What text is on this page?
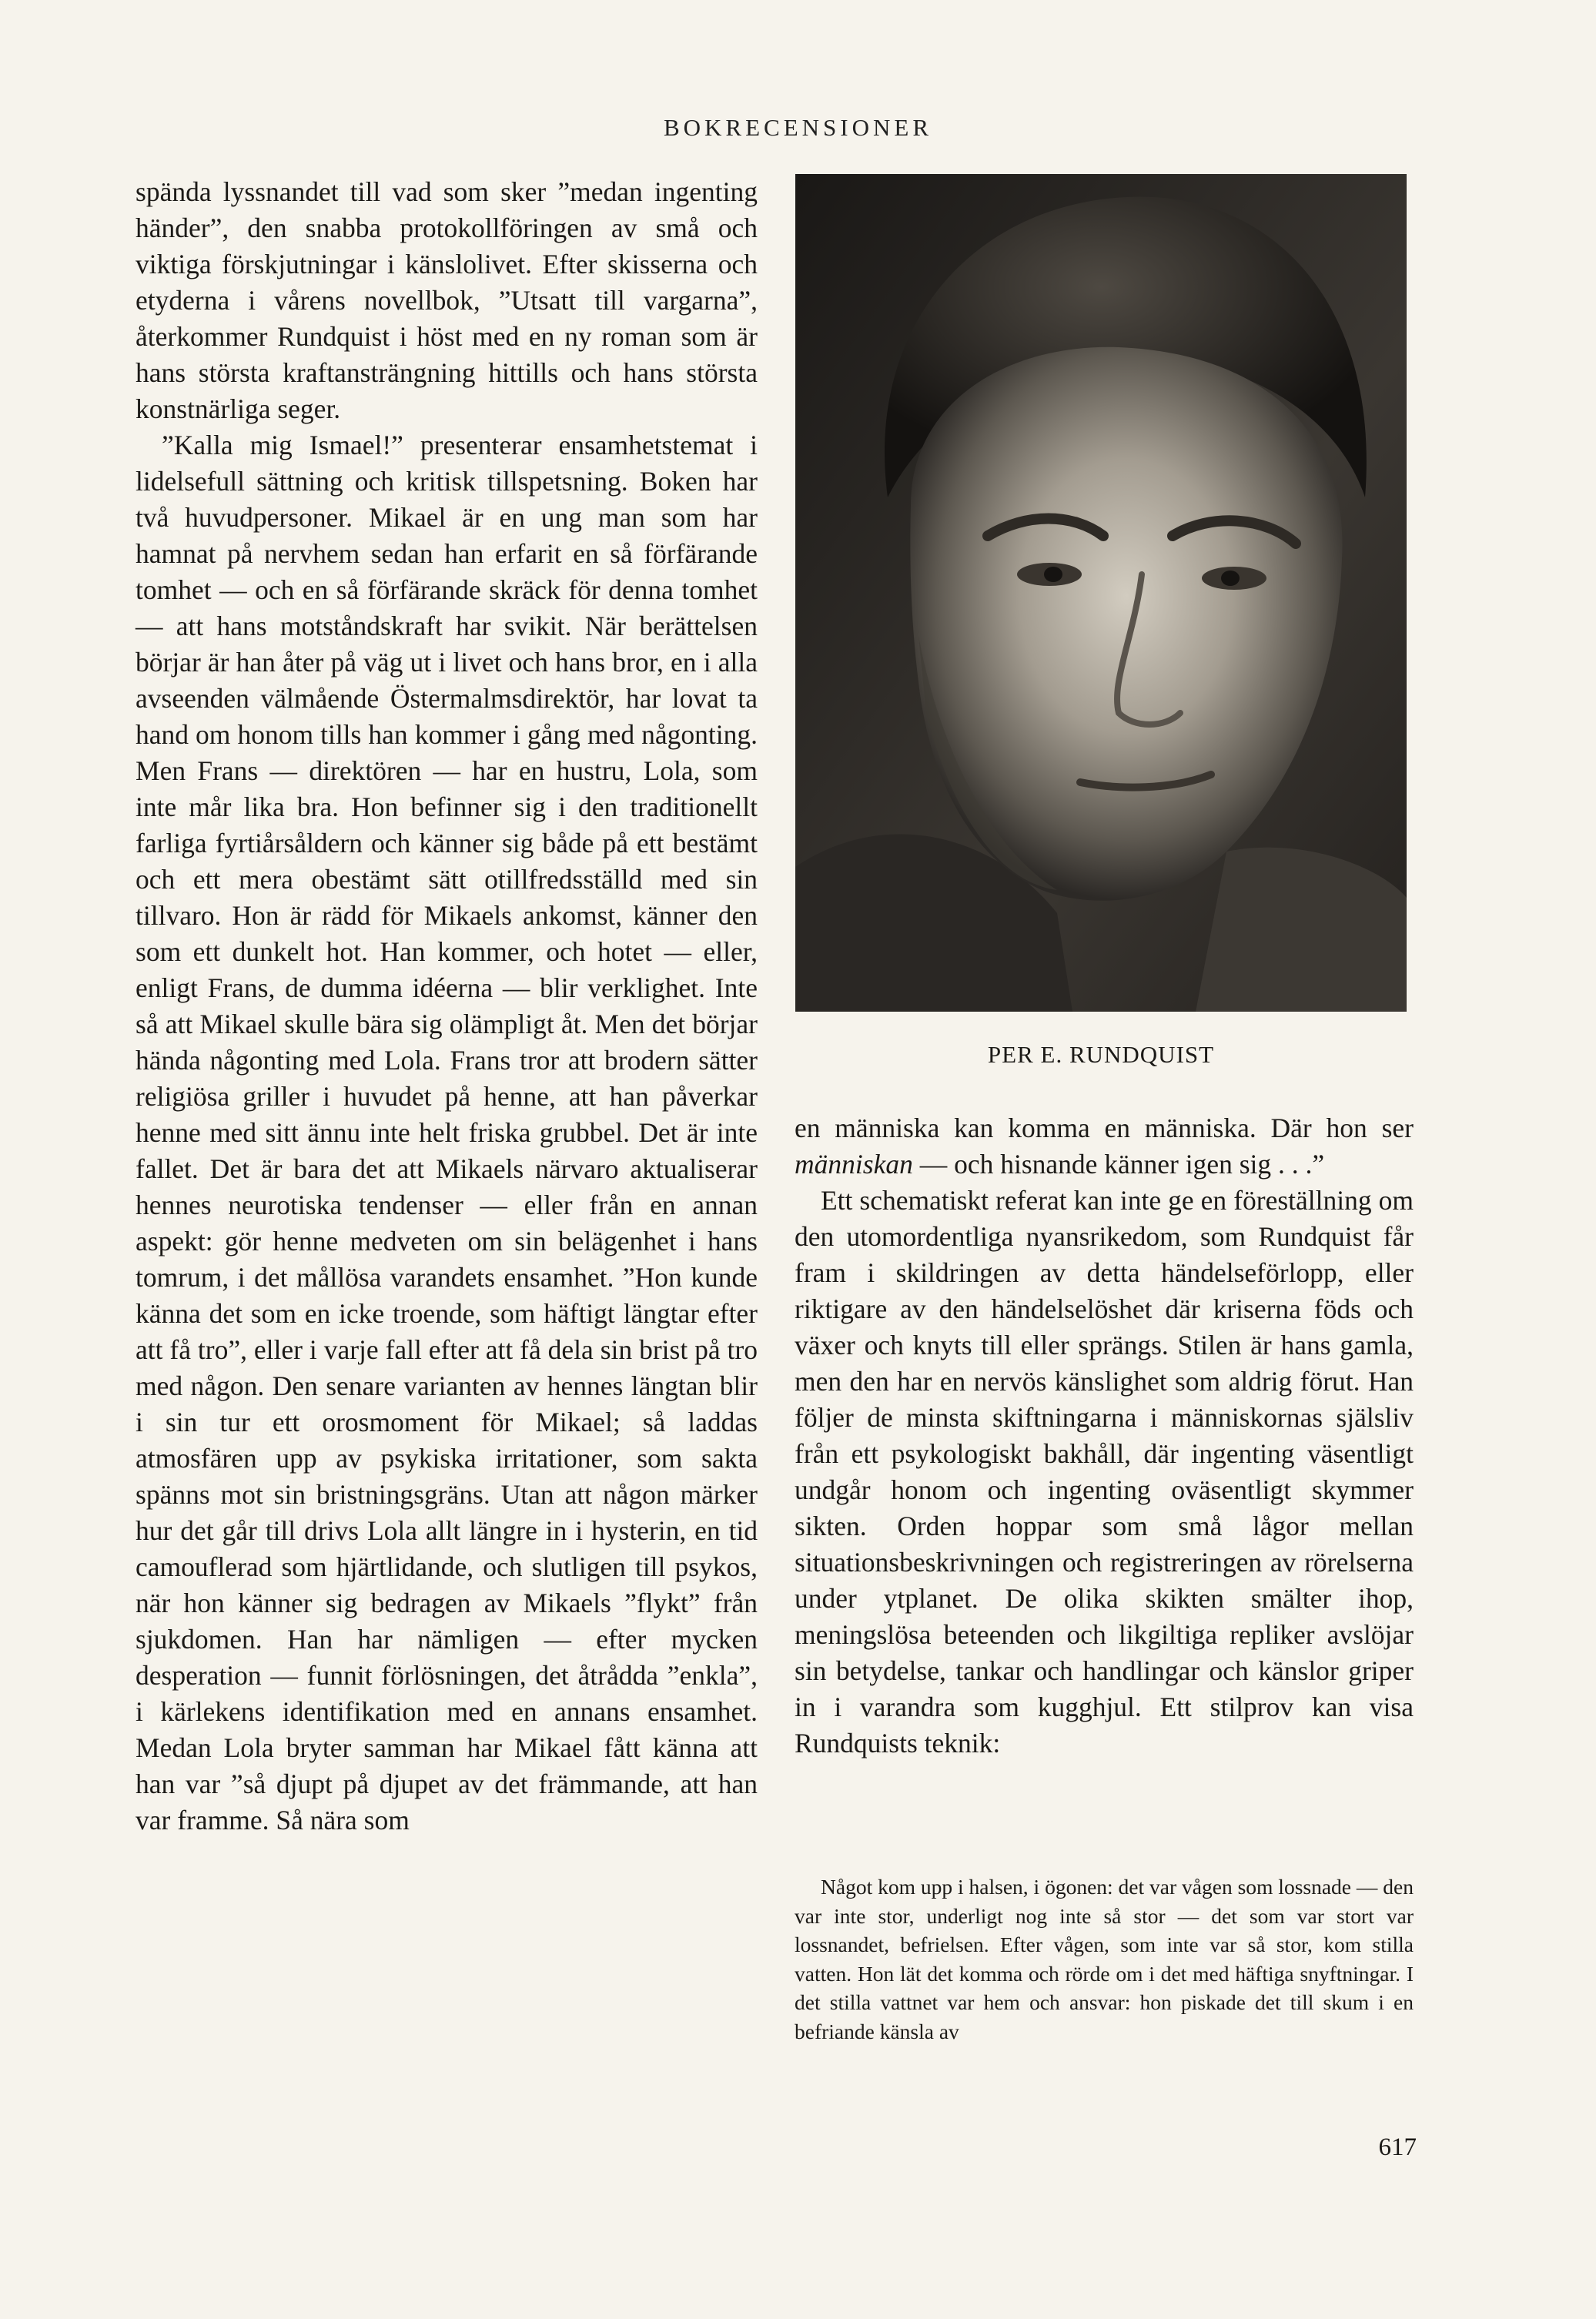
BOKRECENSIONER

spända lyssnandet till vad som sker ”medan ingenting händer”, den snabba protokollföringen av små och viktiga förskjutningar i känslolivet. Efter skisserna och etyderna i vårens novellbok, ”Utsatt till vargarna”, återkommer Rundquist i höst med en ny roman som är hans största kraftansträngning hittills och hans största konstnärliga seger.

”Kalla mig Ismael!” presenterar ensamhetstemat i lidelsefull sättning och kritisk tillspetsning. Boken har två huvudpersoner. Mikael är en ung man som har hamnat på nervhem sedan han erfarit en så förfärande tomhet — och en så förfärande skräck för denna tomhet — att hans motståndskraft har svikit. När berättelsen börjar är han åter på väg ut i livet och hans bror, en i alla avseenden välmående Östermalmsdirektör, har lovat ta hand om honom tills han kommer i gång med någonting. Men Frans — direktören — har en hustru, Lola, som inte mår lika bra. Hon befinner sig i den traditionellt farliga fyrtiårsåldern och känner sig både på ett bestämt och ett mera obestämt sätt otillfredsställd med sin tillvaro. Hon är rädd för Mikaels ankomst, känner den som ett dunkelt hot. Han kommer, och hotet — eller, enligt Frans, de dumma idéerna — blir verklighet. Inte så att Mikael skulle bära sig olämpligt åt. Men det börjar hända någonting med Lola. Frans tror att brodern sätter religiösa griller i huvudet på henne, att han påverkar henne med sitt ännu inte helt friska grubbel. Det är inte fallet. Det är bara det att Mikaels närvaro aktualiserar hennes neurotiska tendenser — eller från en annan aspekt: gör henne medveten om sin belägenhet i hans tomrum, i det mållösa varandets ensamhet. ”Hon kunde känna det som en icke troende, som häftigt längtar efter att få tro”, eller i varje fall efter att få dela sin brist på tro med någon. Den senare varianten av hennes längtan blir i sin tur ett orosmoment för Mikael; så laddas atmosfären upp av psykiska irritationer, som sakta spänns mot sin bristningsgräns. Utan att någon märker hur det går till drivs Lola allt längre in i hysterin, en tid camouflerad som hjärtlidande, och slutligen till psykos, när hon känner sig bedragen av Mikaels ”flykt” från sjukdomen. Han har nämligen — efter mycken desperation — funnit förlösningen, det åtrådda ”enkla”, i kärlekens identifikation med en annans ensamhet. Medan Lola bryter samman har Mikael fått känna att han var ”så djupt på djupet av det främmande, att han var framme. Så nära som

PER E. RUNDQUIST

en människa kan komma en människa. Där hon ser människan — och hisnande känner igen sig . . .”

Ett schematiskt referat kan inte ge en föreställning om den utomordentliga nyansrikedom, som Rundquist får fram i skildringen av detta händelseförlopp, eller riktigare av den händelselöshet där kriserna föds och växer och knyts till eller sprängs. Stilen är hans gamla, men den har en nervös känslighet som aldrig förut. Han följer de minsta skiftningarna i människornas själsliv från ett psykologiskt bakhåll, där ingenting väsentligt undgår honom och ingenting oväsentligt skymmer sikten. Orden hoppar som små lågor mellan situationsbeskrivningen och registreringen av rörelserna under ytplanet. De olika skikten smälter ihop, meningslösa beteenden och likgiltiga repliker avslöjar sin betydelse, tankar och handlingar och känslor griper in i varandra som kugghjul. Ett stilprov kan visa Rundquists teknik:

Något kom upp i halsen, i ögonen: det var vågen som lossnade — den var inte stor, underligt nog inte så stor — det som var stort var lossnandet, befrielsen. Efter vågen, som inte var så stor, kom stilla vatten. Hon lät det komma och rörde om i det med häftiga snyftningar. I det stilla vattnet var hem och ansvar: hon piskade det till skum i en befriande känsla av

617
